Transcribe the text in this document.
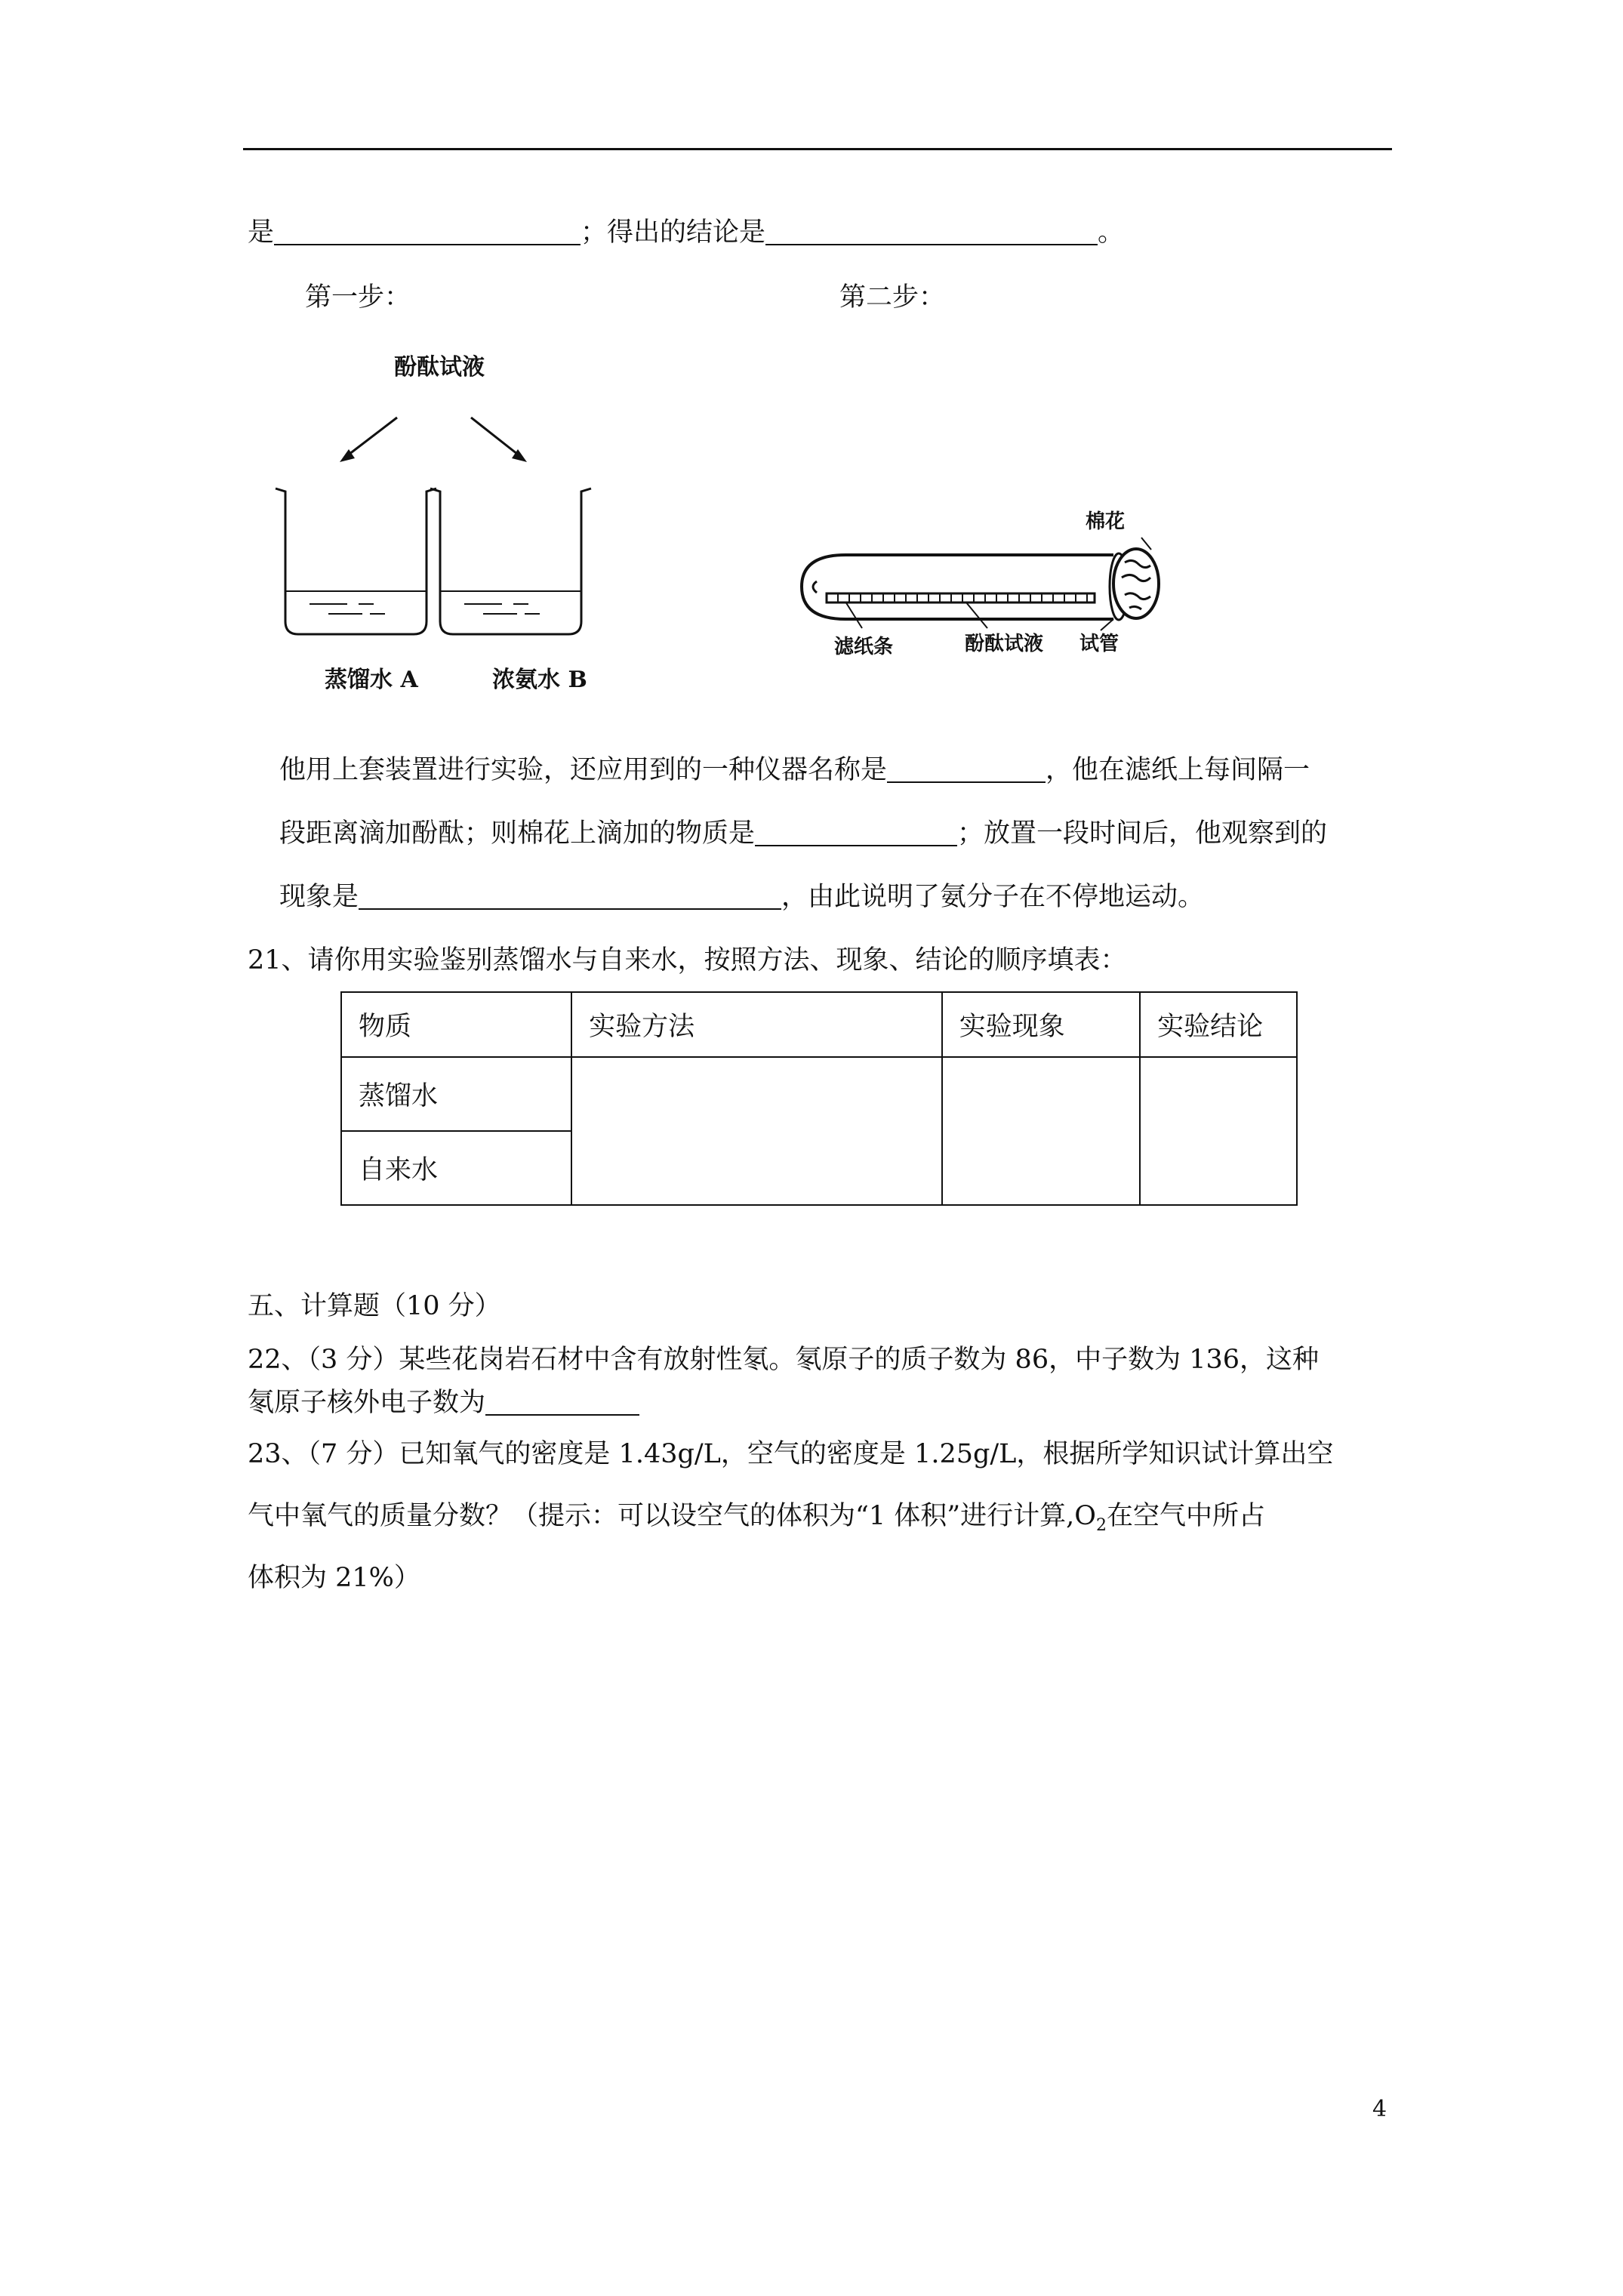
是	；得出的结论是	。
第一步：	第二步：
酚酞试液
蒸馏水 A	浓氨水 B
棉花
滤纸条	酚酞试液 试管
他用上套装置进行实验，还应用到的一种仪器名称是	，他在滤纸上每间隔一
段距离滴加酚酞；则棉花上滴加的物质是	；放置一段时间后，他观察到的
现象是	，由此说明了氨分子在不停地运动。
21、请你用实验鉴别蒸馏水与自来水，按照方法、现象、结论的顺序填表：
物质	实验方法	实验现象	实验结论
蒸馏水			
自来水			
五、计算题（10 分）
22、（3 分）某些花岗岩石材中含有放射性氡。氡原子的质子数为 86，中子数为 136，这种
氡原子核外电子数为
23、（7 分）已知氧气的密度是 1.43g/L，空气的密度是 1.25g/L，根据所学知识试计算出空
气中氧气的质量分数？（提示：可以设空气的体积为“1 体积”进行计算$,O_2$在空气中所占
体积为 21%）
4
